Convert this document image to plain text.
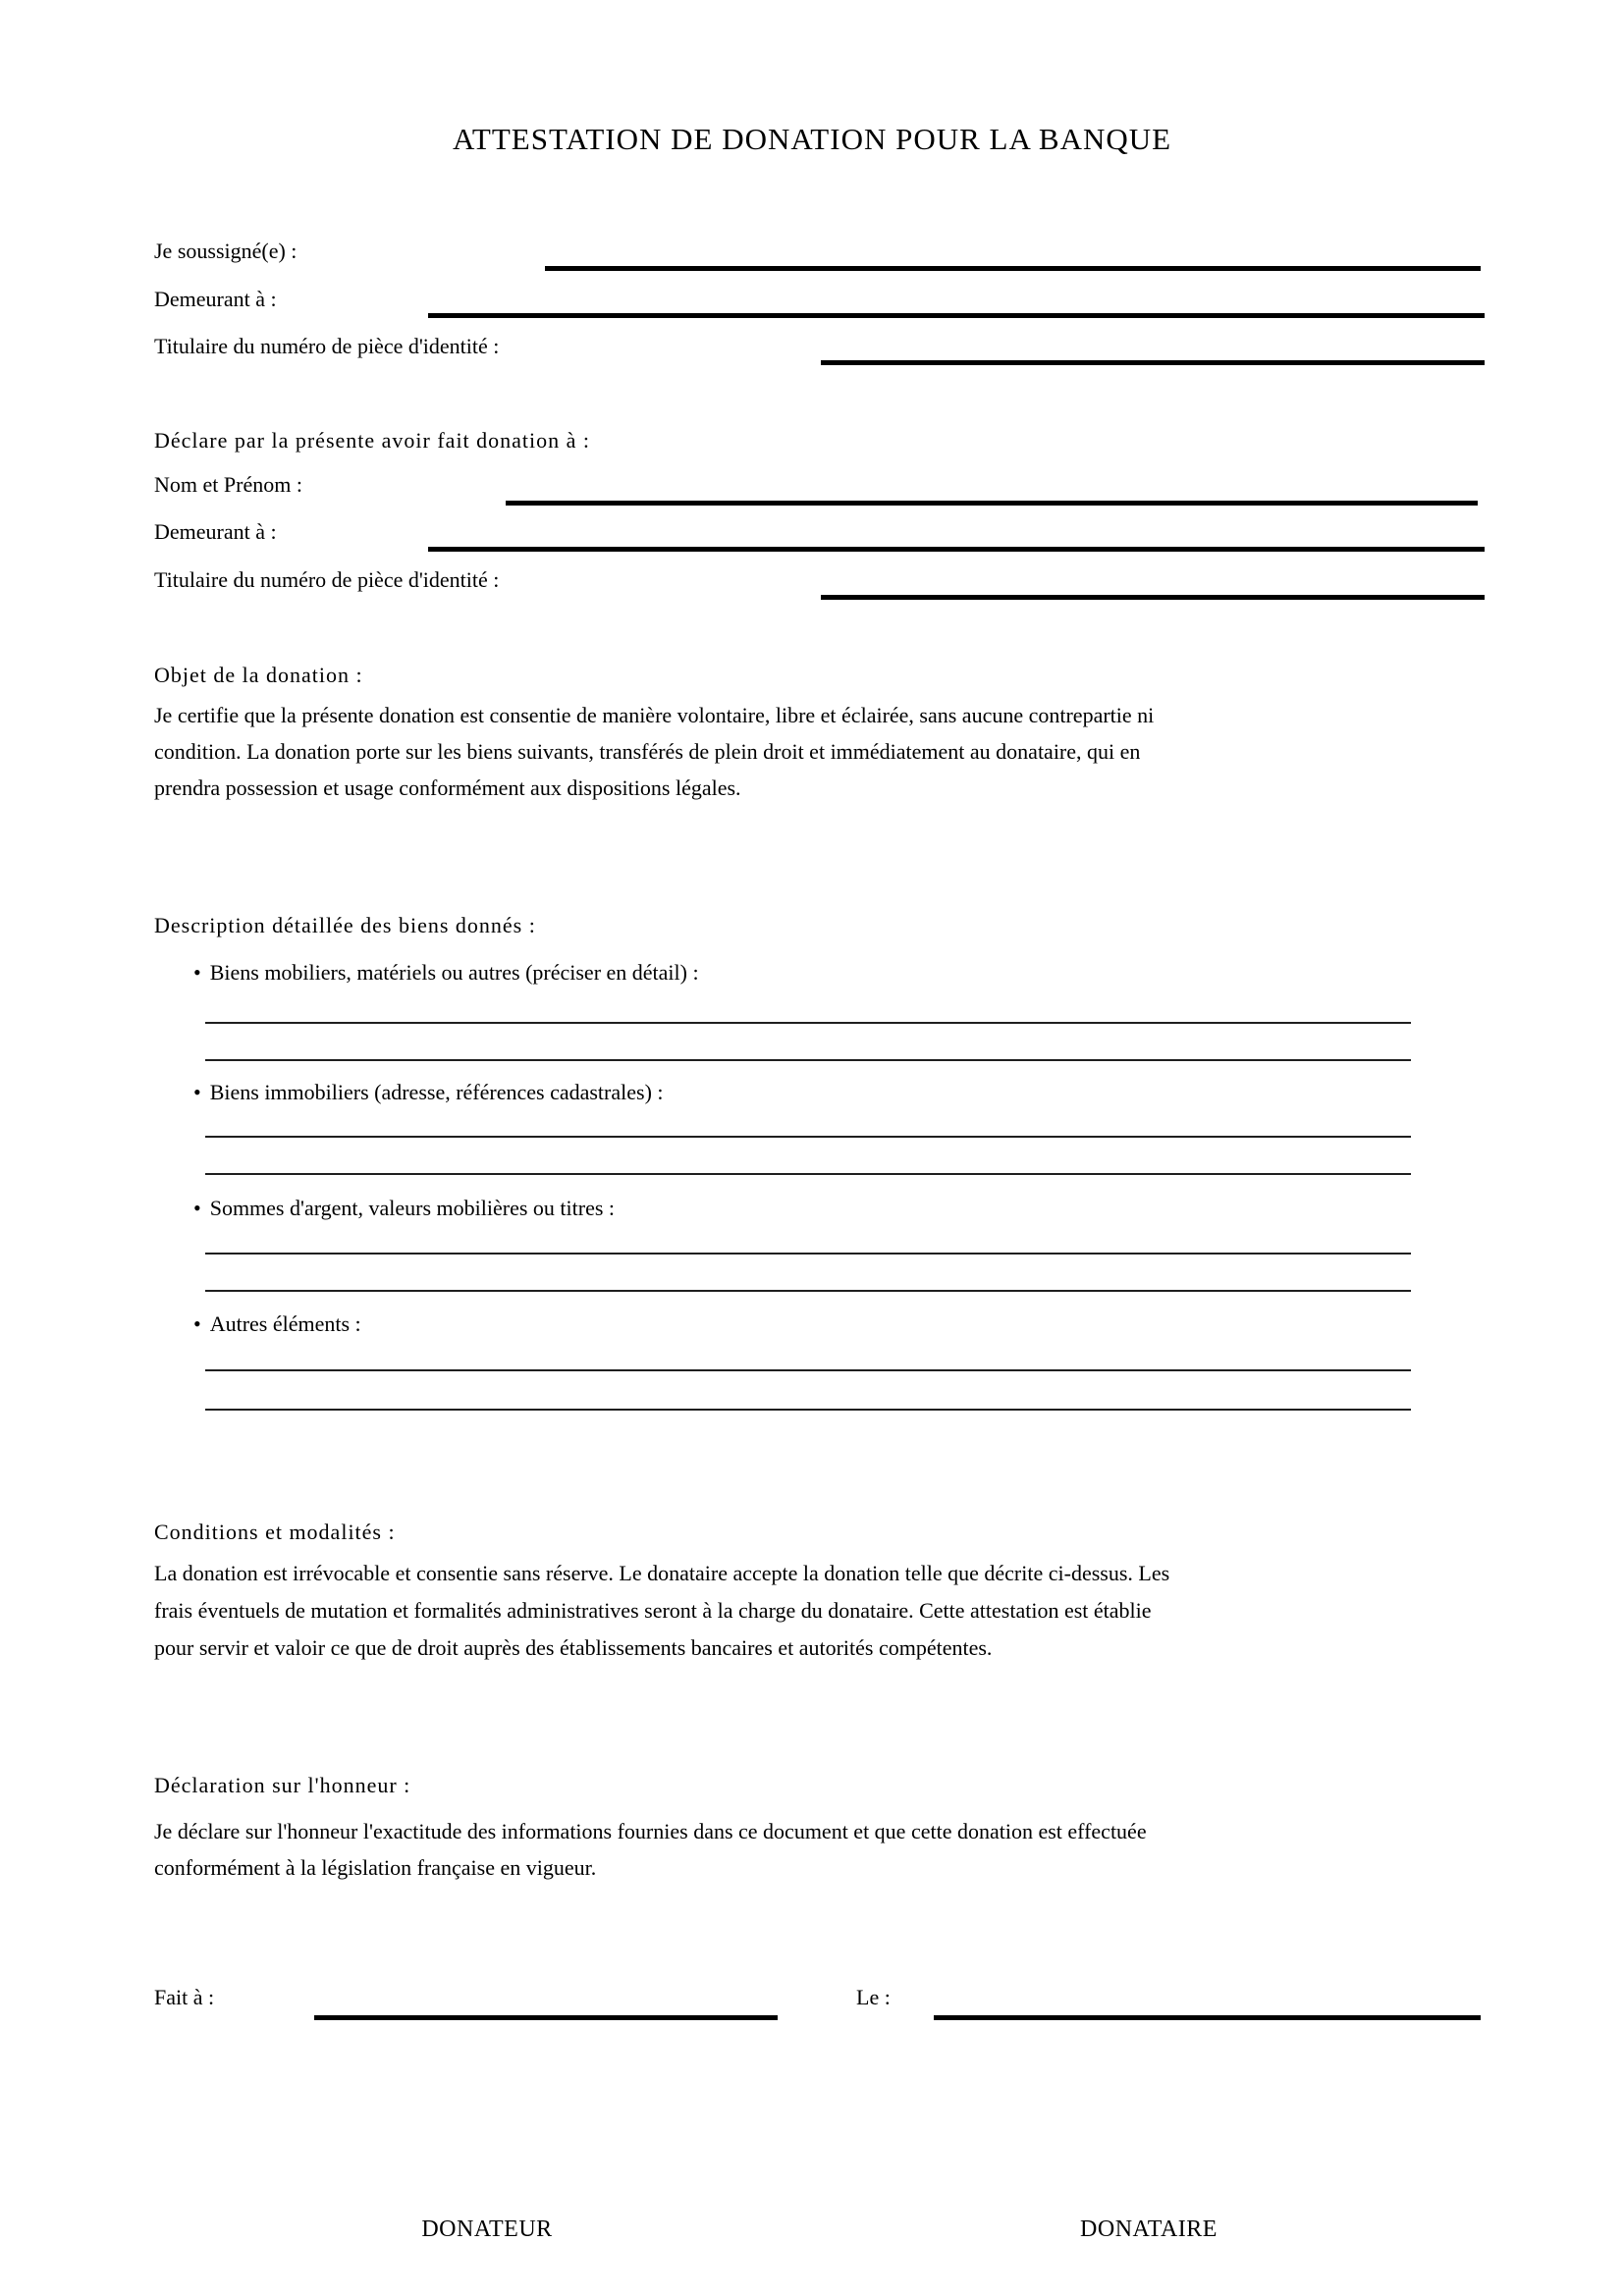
ATTESTATION DE DONATION POUR LA BANQUE
Je soussigné(e) :
Demeurant à :
Titulaire du numéro de pièce d'identité :
Déclare par la présente avoir fait donation à :
Nom et Prénom :
Demeurant à :
Titulaire du numéro de pièce d'identité :
Objet de la donation :
Je certifie que la présente donation est consentie de manière volontaire, libre et éclairée, sans aucune contrepartie ni
condition. La donation porte sur les biens suivants, transférés de plein droit et immédiatement au donataire, qui en
prendra possession et usage conformément aux dispositions légales.
Description détaillée des biens donnés :
• Biens mobiliers, matériels ou autres (préciser en détail) :
• Biens immobiliers (adresse, références cadastrales) :
• Sommes d'argent, valeurs mobilières ou titres :
• Autres éléments :
Conditions et modalités :
La donation est irrévocable et consentie sans réserve. Le donataire accepte la donation telle que décrite ci-dessus. Les
frais éventuels de mutation et formalités administratives seront à la charge du donataire. Cette attestation est établie
pour servir et valoir ce que de droit auprès des établissements bancaires et autorités compétentes.
Déclaration sur l'honneur :
Je déclare sur l'honneur l'exactitude des informations fournies dans ce document et que cette donation est effectuée
conformément à la législation française en vigueur.
Fait à :	Le :
DONATEUR	DONATAIRE
